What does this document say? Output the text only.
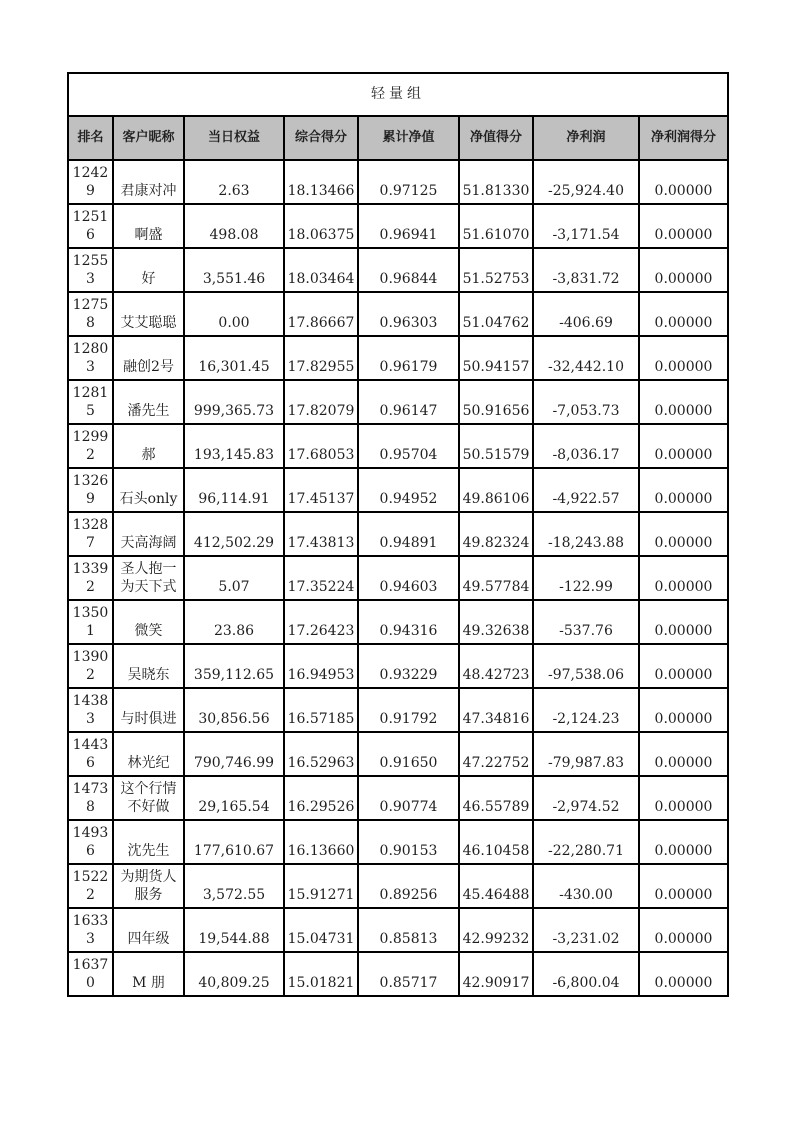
轻量组							
排名	客户昵称	当日权益	综合得分	累计净值	净值得分	净利润	净利润得分
12429	君康对冲	2.63	18.13466	0.97125	51.81330	-25,924.40	0.00000
12516	啊盛	498.08	18.06375	0.96941	51.61070	-3,171.54	0.00000
12553	好	3,551.46	18.03464	0.96844	51.52753	-3,831.72	0.00000
12758	艾艾聪聪	0.00	17.86667	0.96303	51.04762	-406.69	0.00000
12803	融创2号	16,301.45	17.82955	0.96179	50.94157	-32,442.10	0.00000
12815	潘先生	999,365.73	17.82079	0.96147	50.91656	-7,053.73	0.00000
12992	郝	193,145.83	17.68053	0.95704	50.51579	-8,036.17	0.00000
13269	石头only	96,114.91	17.45137	0.94952	49.86106	-4,922.57	0.00000
13287	天高海阔	412,502.29	17.43813	0.94891	49.82324	-18,243.88	0.00000
13392	圣人抱一为天下式	5.07	17.35224	0.94603	49.57784	-122.99	0.00000
13501	微笑	23.86	17.26423	0.94316	49.32638	-537.76	0.00000
13902	吴晓东	359,112.65	16.94953	0.93229	48.42723	-97,538.06	0.00000
14383	与时俱进	30,856.56	16.57185	0.91792	47.34816	-2,124.23	0.00000
14436	林光纪	790,746.99	16.52963	0.91650	47.22752	-79,987.83	0.00000
14738	这个行情不好做	29,165.54	16.29526	0.90774	46.55789	-2,974.52	0.00000
14936	沈先生	177,610.67	16.13660	0.90153	46.10458	-22,280.71	0.00000
15222	为期货人服务	3,572.55	15.91271	0.89256	45.46488	-430.00	0.00000
16333	四年级	19,544.88	15.04731	0.85813	42.99232	-3,231.02	0.00000
16370	M 朋	40,809.25	15.01821	0.85717	42.90917	-6,800.04	0.00000
